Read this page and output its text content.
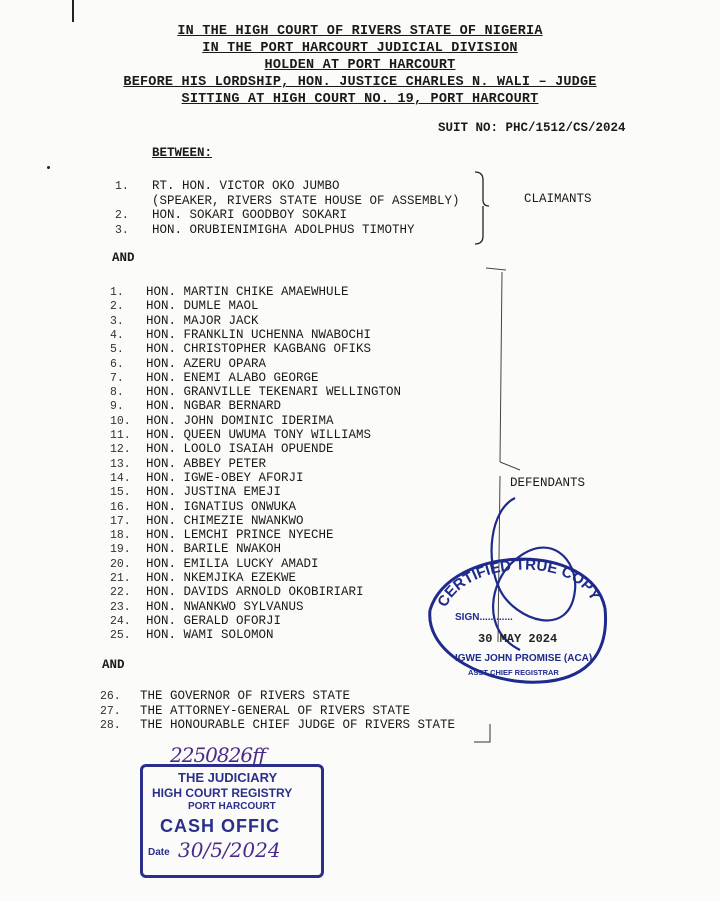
IN THE HIGH COURT OF RIVERS STATE OF NIGERIA
IN THE PORT HARCOURT JUDICIAL DIVISION
HOLDEN AT PORT HARCOURT
BEFORE HIS LORDSHIP, HON. JUSTICE CHARLES N. WALI – JUDGE
SITTING AT HIGH COURT NO. 19, PORT HARCOURT
SUIT NO: PHC/1512/CS/2024
BETWEEN:
1. RT. HON. VICTOR OKO JUMBO
(SPEAKER, RIVERS STATE HOUSE OF ASSEMBLY)
2. HON. SOKARI GOODBOY SOKARI
3. HON. ORUBIENIMIGHA ADOLPHUS TIMOTHY
CLAIMANTS
AND
1. HON. MARTIN CHIKE AMAEWHULE
2. HON. DUMLE MAOL
3. HON. MAJOR JACK
4. HON. FRANKLIN UCHENNA NWABOCHI
5. HON. CHRISTOPHER KAGBANG OFIKS
6. HON. AZERU OPARA
7. HON. ENEMI ALABO GEORGE
8. HON. GRANVILLE TEKENARI WELLINGTON
9. HON. NGBAR BERNARD
10. HON. JOHN DOMINIC IDERIMA
11. HON. QUEEN UWUMA TONY WILLIAMS
12. HON. LOOLO ISAIAH OPUENDE
13. HON. ABBEY PETER
14. HON. IGWE-OBEY AFORJI
15. HON. JUSTINA EMEJI
16. HON. IGNATIUS ONWUKA
17. HON. CHIMEZIE NWANKWO
18. HON. LEMCHI PRINCE NYECHE
19. HON. BARILE NWAKOH
20. HON. EMILIA LUCKY AMADI
21. HON. NKEMJIKA EZEKWE
22. HON. DAVIDS ARNOLD OKOBIRIARI
23. HON. NWANKWO SYLVANUS
24. HON. GERALD OFORJI
25. HON. WAMI SOLOMON
DEFENDANTS
AND
26. THE GOVERNOR OF RIVERS STATE
27. THE ATTORNEY-GENERAL OF RIVERS STATE
28. THE HONOURABLE CHIEF JUDGE OF RIVERS STATE
CERTIFIED TRUE COPY
SIGN............
30 MAY 2024
IGWE JOHN PROMISE (ACA)
ASST CHIEF REGISTRAR
2250826ff
THE JUDICIARY
HIGH COURT REGISTRY
PORT HARCOURT
CASH OFFIC
Date 30/5/2024
